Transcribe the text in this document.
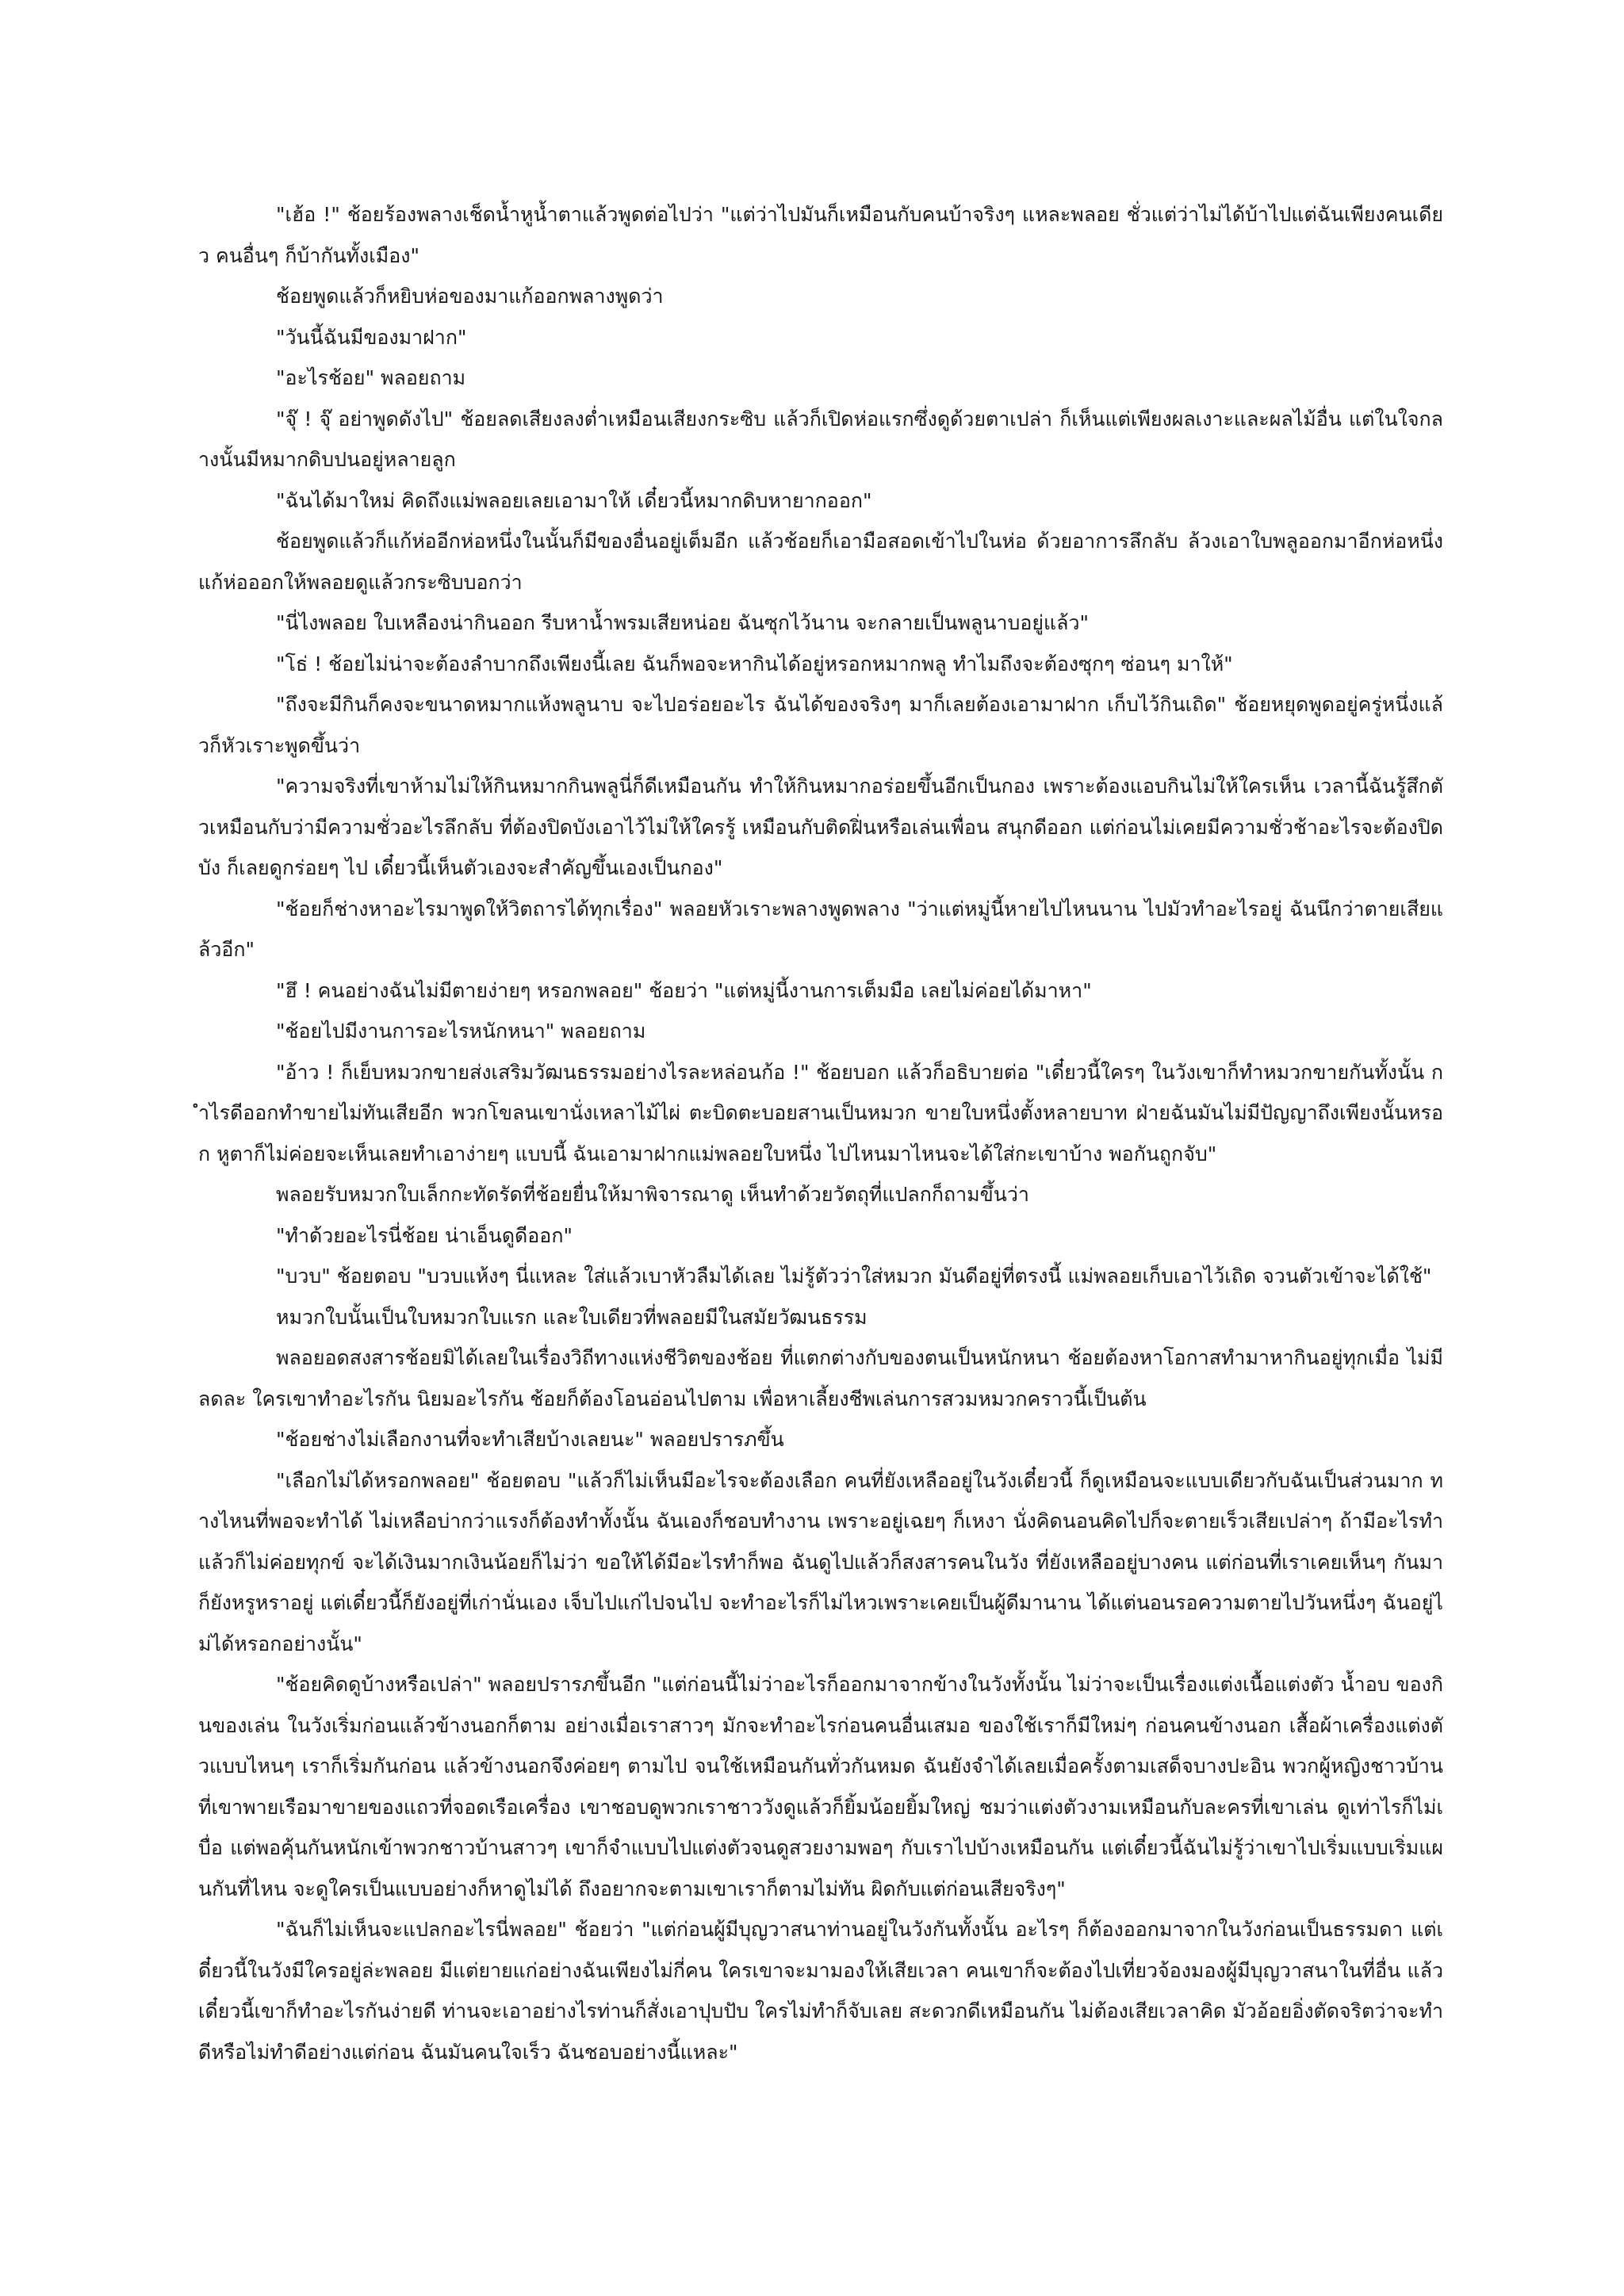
"เฮ้อ !" ช้อยร้องพลางเช็ดน้ำหูน้ำตาแล้วพูดต่อไปว่า "แต่ว่าไปมันก็เหมือนกับคนบ้าจริงๆ แหละพลอย ชั่วแต่ว่าไม่ได้บ้าไปแต่ฉันเพียงคนเดียว คนอื่นๆ ก็บ้ากันทั้งเมือง"

ช้อยพูดแล้วก็หยิบห่อของมาแก้ออกพลางพูดว่า

"วันนี้ฉันมีของมาฝาก"

"อะไรช้อย" พลอยถาม

"จุ๊ ! จุ๊ อย่าพูดดังไป" ช้อยลดเสียงลงต่ำเหมือนเสียงกระซิบ แล้วก็เปิดห่อแรกซึ่งดูด้วยตาเปล่า ก็เห็นแต่เพียงผลเงาะและผลไม้อื่น แต่ในใจกลางนั้นมีหมากดิบปนอยู่หลายลูก

"ฉันได้มาใหม่ คิดถึงแม่พลอยเลยเอามาให้ เดี๋ยวนี้หมากดิบหายากออก"

ช้อยพูดแล้วก็แก้ห่ออีกห่อหนึ่งในนั้นก็มีของอื่นอยู่เต็มอีก แล้วช้อยก็เอามือสอดเข้าไปในห่อ ด้วยอาการลึกลับ ล้วงเอาใบพลูออกมาอีกห่อหนึ่ง แก้ห่อออกให้พลอยดูแล้วกระซิบบอกว่า

"นี่ไงพลอย ใบเหลืองน่ากินออก รีบหาน้ำพรมเสียหน่อย ฉันซุกไว้นาน จะกลายเป็นพลูนาบอยู่แล้ว"

"โธ่ ! ช้อยไม่น่าจะต้องลำบากถึงเพียงนี้เลย ฉันก็พอจะหากินได้อยู่หรอกหมากพลู ทำไมถึงจะต้องซุกๆ ซ่อนๆ มาให้"

"ถึงจะมีกินก็คงจะขนาดหมากแห้งพลูนาบ จะไปอร่อยอะไร ฉันได้ของจริงๆ มาก็เลยต้องเอามาฝาก เก็บไว้กินเถิด" ช้อยหยุดพูดอยู่ครู่หนึ่งแล้วก็หัวเราะพูดขึ้นว่า

"ความจริงที่เขาห้ามไม่ให้กินหมากกินพลูนี่ก็ดีเหมือนกัน ทำให้กินหมากอร่อยขึ้นอีกเป็นกอง เพราะต้องแอบกินไม่ให้ใครเห็น เวลานี้ฉันรู้สึกตัวเหมือนกับว่ามีความชั่วอะไรลึกลับ ที่ต้องปิดบังเอาไว้ไม่ให้ใครรู้ เหมือนกับติดฝิ่นหรือเล่นเพื่อน สนุกดีออก แต่ก่อนไม่เคยมีความชั่วช้าอะไรจะต้องปิดบัง ก็เลยดูกร่อยๆ ไป เดี๋ยวนี้เห็นตัวเองจะสำคัญขึ้นเองเป็นกอง"

"ช้อยก็ช่างหาอะไรมาพูดให้วิตถารได้ทุกเรื่อง" พลอยหัวเราะพลางพูดพลาง "ว่าแต่หมู่นี้หายไปไหนนาน ไปมัวทำอะไรอยู่ ฉันนึกว่าตายเสียแล้วอีก"

"ฮึ ! คนอย่างฉันไม่มีตายง่ายๆ หรอกพลอย" ช้อยว่า "แต่หมู่นี้งานการเต็มมือ เลยไม่ค่อยได้มาหา"

"ช้อยไปมีงานการอะไรหนักหนา" พลอยถาม

"อ้าว ! ก็เย็บหมวกขายส่งเสริมวัฒนธรรมอย่างไรละหล่อนก้อ !" ช้อยบอก แล้วก็อธิบายต่อ "เดี๋ยวนี้ใครๆ ในวังเขาก็ทำหมวกขายกันทั้งนั้น กำไรดีออกทำขายไม่ทันเสียอีก พวกโขลนเขานั่งเหลาไม้ไผ่ ตะบิดตะบอยสานเป็นหมวก ขายใบหนึ่งตั้งหลายบาท ฝ่ายฉันมันไม่มีปัญญาถึงเพียงนั้นหรอก หูตาก็ไม่ค่อยจะเห็นเลยทำเอาง่ายๆ แบบนี้ ฉันเอามาฝากแม่พลอยใบหนึ่ง ไปไหนมาไหนจะได้ใส่กะเขาบ้าง พอกันถูกจับ"

พลอยรับหมวกใบเล็กกะทัดรัดที่ช้อยยื่นให้มาพิจารณาดู เห็นทำด้วยวัตถุที่แปลกก็ถามขึ้นว่า

"ทำด้วยอะไรนี่ช้อย น่าเอ็นดูดีออก"

"บวบ" ช้อยตอบ "บวบแห้งๆ นี่แหละ ใส่แล้วเบาหัวลืมได้เลย ไม่รู้ตัวว่าใส่หมวก มันดีอยู่ที่ตรงนี้ แม่พลอยเก็บเอาไว้เถิด จวนตัวเข้าจะได้ใช้"

หมวกใบนั้นเป็นใบหมวกใบแรก และใบเดียวที่พลอยมีในสมัยวัฒนธรรม

พลอยอดสงสารช้อยมิได้เลยในเรื่องวิถีทางแห่งชีวิตของช้อย ที่แตกต่างกับของตนเป็นหนักหนา ช้อยต้องหาโอกาสทำมาหากินอยู่ทุกเมื่อ ไม่มีลดละ ใครเขาทำอะไรกัน นิยมอะไรกัน ช้อยก็ต้องโอนอ่อนไปตาม เพื่อหาเลี้ยงชีพเล่นการสวมหมวกคราวนี้เป็นต้น

"ช้อยช่างไม่เลือกงานที่จะทำเสียบ้างเลยนะ" พลอยปรารภขึ้น

"เลือกไม่ได้หรอกพลอย" ช้อยตอบ "แล้วก็ไม่เห็นมีอะไรจะต้องเลือก คนที่ยังเหลืออยู่ในวังเดี๋ยวนี้ ก็ดูเหมือนจะแบบเดียวกับฉันเป็นส่วนมาก ทางไหนที่พอจะทำได้ ไม่เหลือบ่ากว่าแรงก็ต้องทำทั้งนั้น ฉันเองก็ชอบทำงาน เพราะอยู่เฉยๆ ก็เหงา นั่งคิดนอนคิดไปก็จะตายเร็วเสียเปล่าๆ ถ้ามีอะไรทำแล้วก็ไม่ค่อยทุกข์ จะได้เงินมากเงินน้อยก็ไม่ว่า ขอให้ได้มีอะไรทำก็พอ ฉันดูไปแล้วก็สงสารคนในวัง ที่ยังเหลืออยู่บางคน แต่ก่อนที่เราเคยเห็นๆ กันมาก็ยังหรูหราอยู่ แต่เดี๋ยวนี้ก็ยังอยู่ที่เก่านั่นเอง เจ็บไปแก่ไปจนไป จะทำอะไรก็ไม่ไหวเพราะเคยเป็นผู้ดีมานาน ได้แต่นอนรอความตายไปวันหนึ่งๆ ฉันอยู่ไม่ได้หรอกอย่างนั้น"

"ช้อยคิดดูบ้างหรือเปล่า" พลอยปรารภขึ้นอีก "แต่ก่อนนี้ไม่ว่าอะไรก็ออกมาจากข้างในวังทั้งนั้น ไม่ว่าจะเป็นเรื่องแต่งเนื้อแต่งตัว น้ำอบ ของกินของเล่น ในวังเริ่มก่อนแล้วข้างนอกก็ตาม อย่างเมื่อเราสาวๆ มักจะทำอะไรก่อนคนอื่นเสมอ ของใช้เราก็มีใหม่ๆ ก่อนคนข้างนอก เสื้อผ้าเครื่องแต่งตัวแบบไหนๆ เราก็เริ่มกันก่อน แล้วข้างนอกจึงค่อยๆ ตามไป จนใช้เหมือนกันทั่วกันหมด ฉันยังจำได้เลยเมื่อครั้งตามเสด็จบางปะอิน พวกผู้หญิงชาวบ้านที่เขาพายเรือมาขายของแถวที่จอดเรือเครื่อง เขาชอบดูพวกเราชาววังดูแล้วก็ยิ้มน้อยยิ้มใหญ่ ชมว่าแต่งตัวงามเหมือนกับละครที่เขาเล่น ดูเท่าไรก็ไม่เบื่อ แต่พอคุ้นกันหนักเข้าพวกชาวบ้านสาวๆ เขาก็จำแบบไปแต่งตัวจนดูสวยงามพอๆ กับเราไปบ้างเหมือนกัน แต่เดี๋ยวนี้ฉันไม่รู้ว่าเขาไปเริ่มแบบเริ่มแผนกันที่ไหน จะดูใครเป็นแบบอย่างก็หาดูไม่ได้ ถึงอยากจะตามเขาเราก็ตามไม่ทัน ผิดกับแต่ก่อนเสียจริงๆ"

"ฉันก็ไม่เห็นจะแปลกอะไรนี่พลอย" ช้อยว่า "แต่ก่อนผู้มีบุญวาสนาท่านอยู่ในวังกันทั้งนั้น อะไรๆ ก็ต้องออกมาจากในวังก่อนเป็นธรรมดา แต่เดี๋ยวนี้ในวังมีใครอยู่ล่ะพลอย มีแต่ยายแก่อย่างฉันเพียงไม่กี่คน ใครเขาจะมามองให้เสียเวลา คนเขาก็จะต้องไปเที่ยวจ้องมองผู้มีบุญวาสนาในที่อื่น แล้วเดี๋ยวนี้เขาก็ทำอะไรกันง่ายดี ท่านจะเอาอย่างไรท่านก็สั่งเอาปุบปับ ใครไม่ทำก็จับเลย สะดวกดีเหมือนกัน ไม่ต้องเสียเวลาคิด มัวอ้อยอิ่งตัดจริตว่าจะทำดีหรือไม่ทำดีอย่างแต่ก่อน ฉันมันคนใจเร็ว ฉันชอบอย่างนี้แหละ"
